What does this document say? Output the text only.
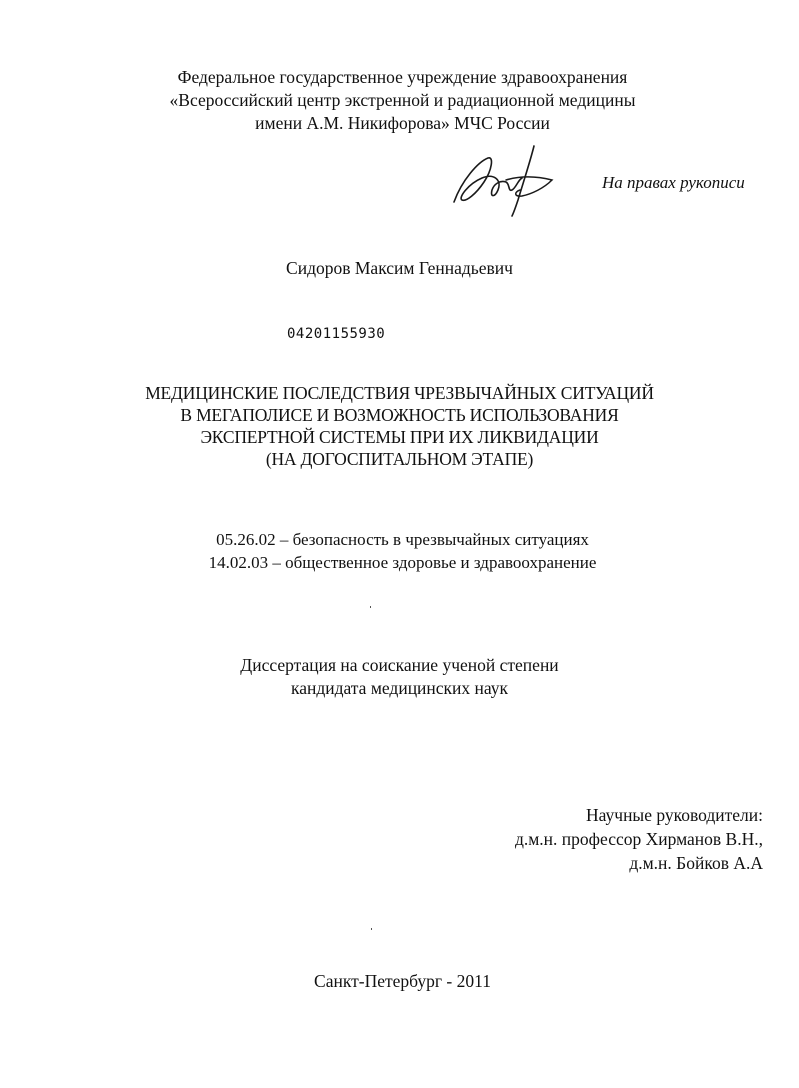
Федеральное государственное учреждение здравоохранения
«Всероссийский центр экстренной и радиационной медицины
имени А.М. Никифорова» МЧС России
На правах рукописи
Сидоров Максим Геннадьевич
04201155930
МЕДИЦИНСКИЕ ПОСЛЕДСТВИЯ ЧРЕЗВЫЧАЙНЫХ СИТУАЦИЙ
В МЕГАПОЛИСЕ И ВОЗМОЖНОСТЬ ИСПОЛЬЗОВАНИЯ
ЭКСПЕРТНОЙ СИСТЕМЫ ПРИ ИХ ЛИКВИДАЦИИ
(НА ДОГОСПИТАЛЬНОМ ЭТАПЕ)
05.26.02 – безопасность в чрезвычайных ситуациях
14.02.03 – общественное здоровье и здравоохранение
Диссертация на соискание ученой степени
кандидата медицинских наук
Научные руководители:
д.м.н. профессор Хирманов В.Н.,
д.м.н. Бойков А.А
Санкт-Петербург - 2011
